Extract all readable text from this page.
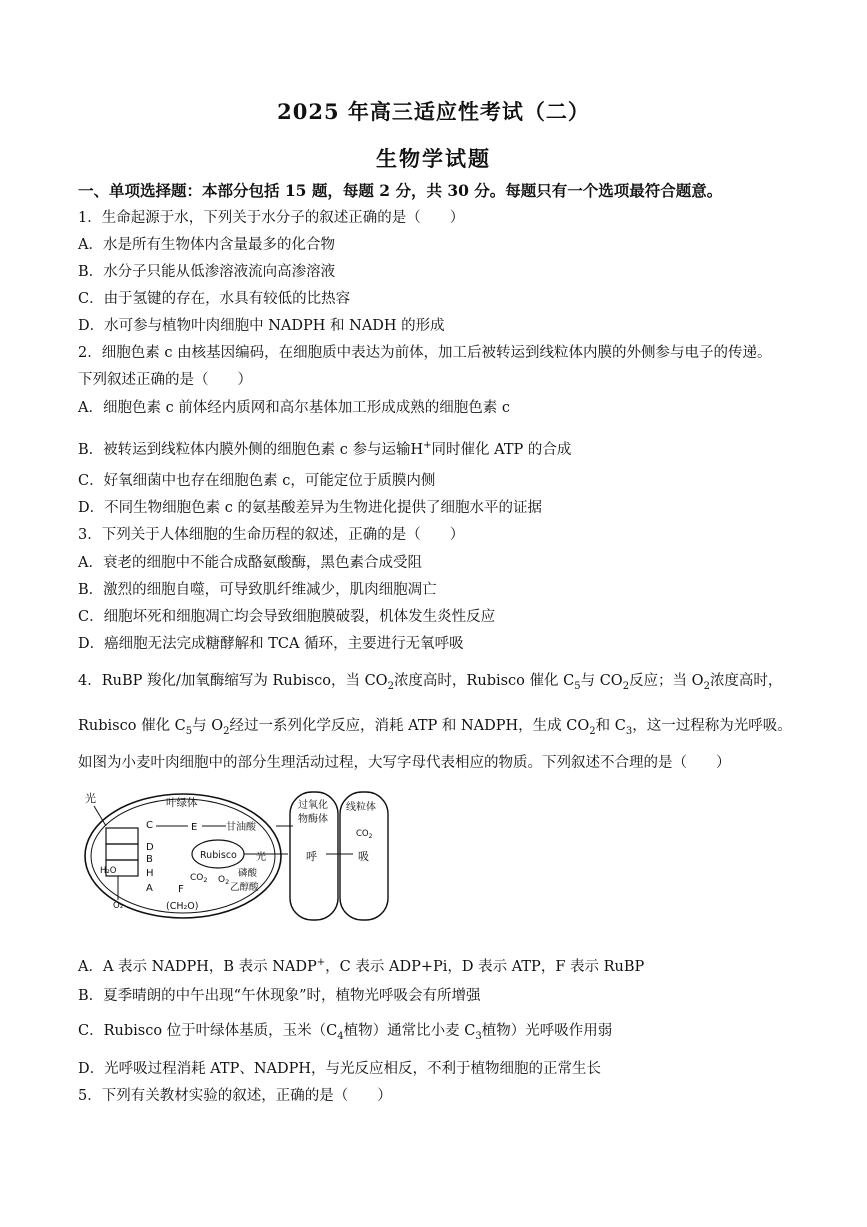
2025 年高三适应性考试（二）
生物学试题
一、单项选择题：本部分包括 15 题，每题 2 分，共 30 分。每题只有一个选项最符合题意。
1．生命起源于水，下列关于水分子的叙述正确的是（　　）
A．水是所有生物体内含量最多的化合物
B．水分子只能从低渗溶液流向高渗溶液
C．由于氢键的存在，水具有较低的比热容
D．水可参与植物叶肉细胞中 NADPH 和 NADH 的形成
2．细胞色素 c 由核基因编码，在细胞质中表达为前体，加工后被转运到线粒体内膜的外侧参与电子的传递。
下列叙述正确的是（　　）
A．细胞色素 c 前体经内质网和高尔基体加工形成成熟的细胞色素 c
B．被转运到线粒体内膜外侧的细胞色素 c 参与运输H+同时催化 ATP 的合成
C．好氧细菌中也存在细胞色素 c，可能定位于质膜内侧
D．不同生物细胞色素 c 的氨基酸差异为生物进化提供了细胞水平的证据
3．下列关于人体细胞的生命历程的叙述，正确的是（　　）
A．衰老的细胞中不能合成酪氨酸酶，黑色素合成受阻
B．激烈的细胞自噬，可导致肌纤维减少，肌肉细胞凋亡
C．细胞坏死和细胞凋亡均会导致细胞膜破裂，机体发生炎性反应
D．癌细胞无法完成糖酵解和 TCA 循环，主要进行无氧呼吸
4．RuBP 羧化/加氧酶缩写为 Rubisco，当 $CO_2$浓度高时，Rubisco 催化 $C_5$与 $CO_2$反应；当 $O_2$浓度高时，
Rubisco 催化 $C_5$与 $O_2$经过一系列化学反应，消耗 ATP 和 NADPH，生成 $CO_2$和 $C_3$，这一过程称为光呼吸。
如图为小麦叶肉细胞中的部分生理活动过程，大写字母代表相应的物质。下列叙述不合理的是（　　）
光	叶绿体
H₂O
O₂
C
D
B
H
A
Rubisco
E	甘油酸
光
$CO_2$ $O_2$
磷酸
乙醇酸
F
(CH₂O)
过氧化
物酶体
呼
线粒体
$CO_2$
吸
A．A 表示 NADPH，B 表示 NADP+，C 表示 ADP+Pi，D 表示 ATP，F 表示 RuBP
B．夏季晴朗的中午出现“午休现象”时，植物光呼吸会有所增强
C．Rubisco 位于叶绿体基质，玉米（$C_4$植物）通常比小麦 $C_3$植物）光呼吸作用弱
D．光呼吸过程消耗 ATP、NADPH，与光反应相反，不利于植物细胞的正常生长
5．下列有关教材实验的叙述，正确的是（　　）
